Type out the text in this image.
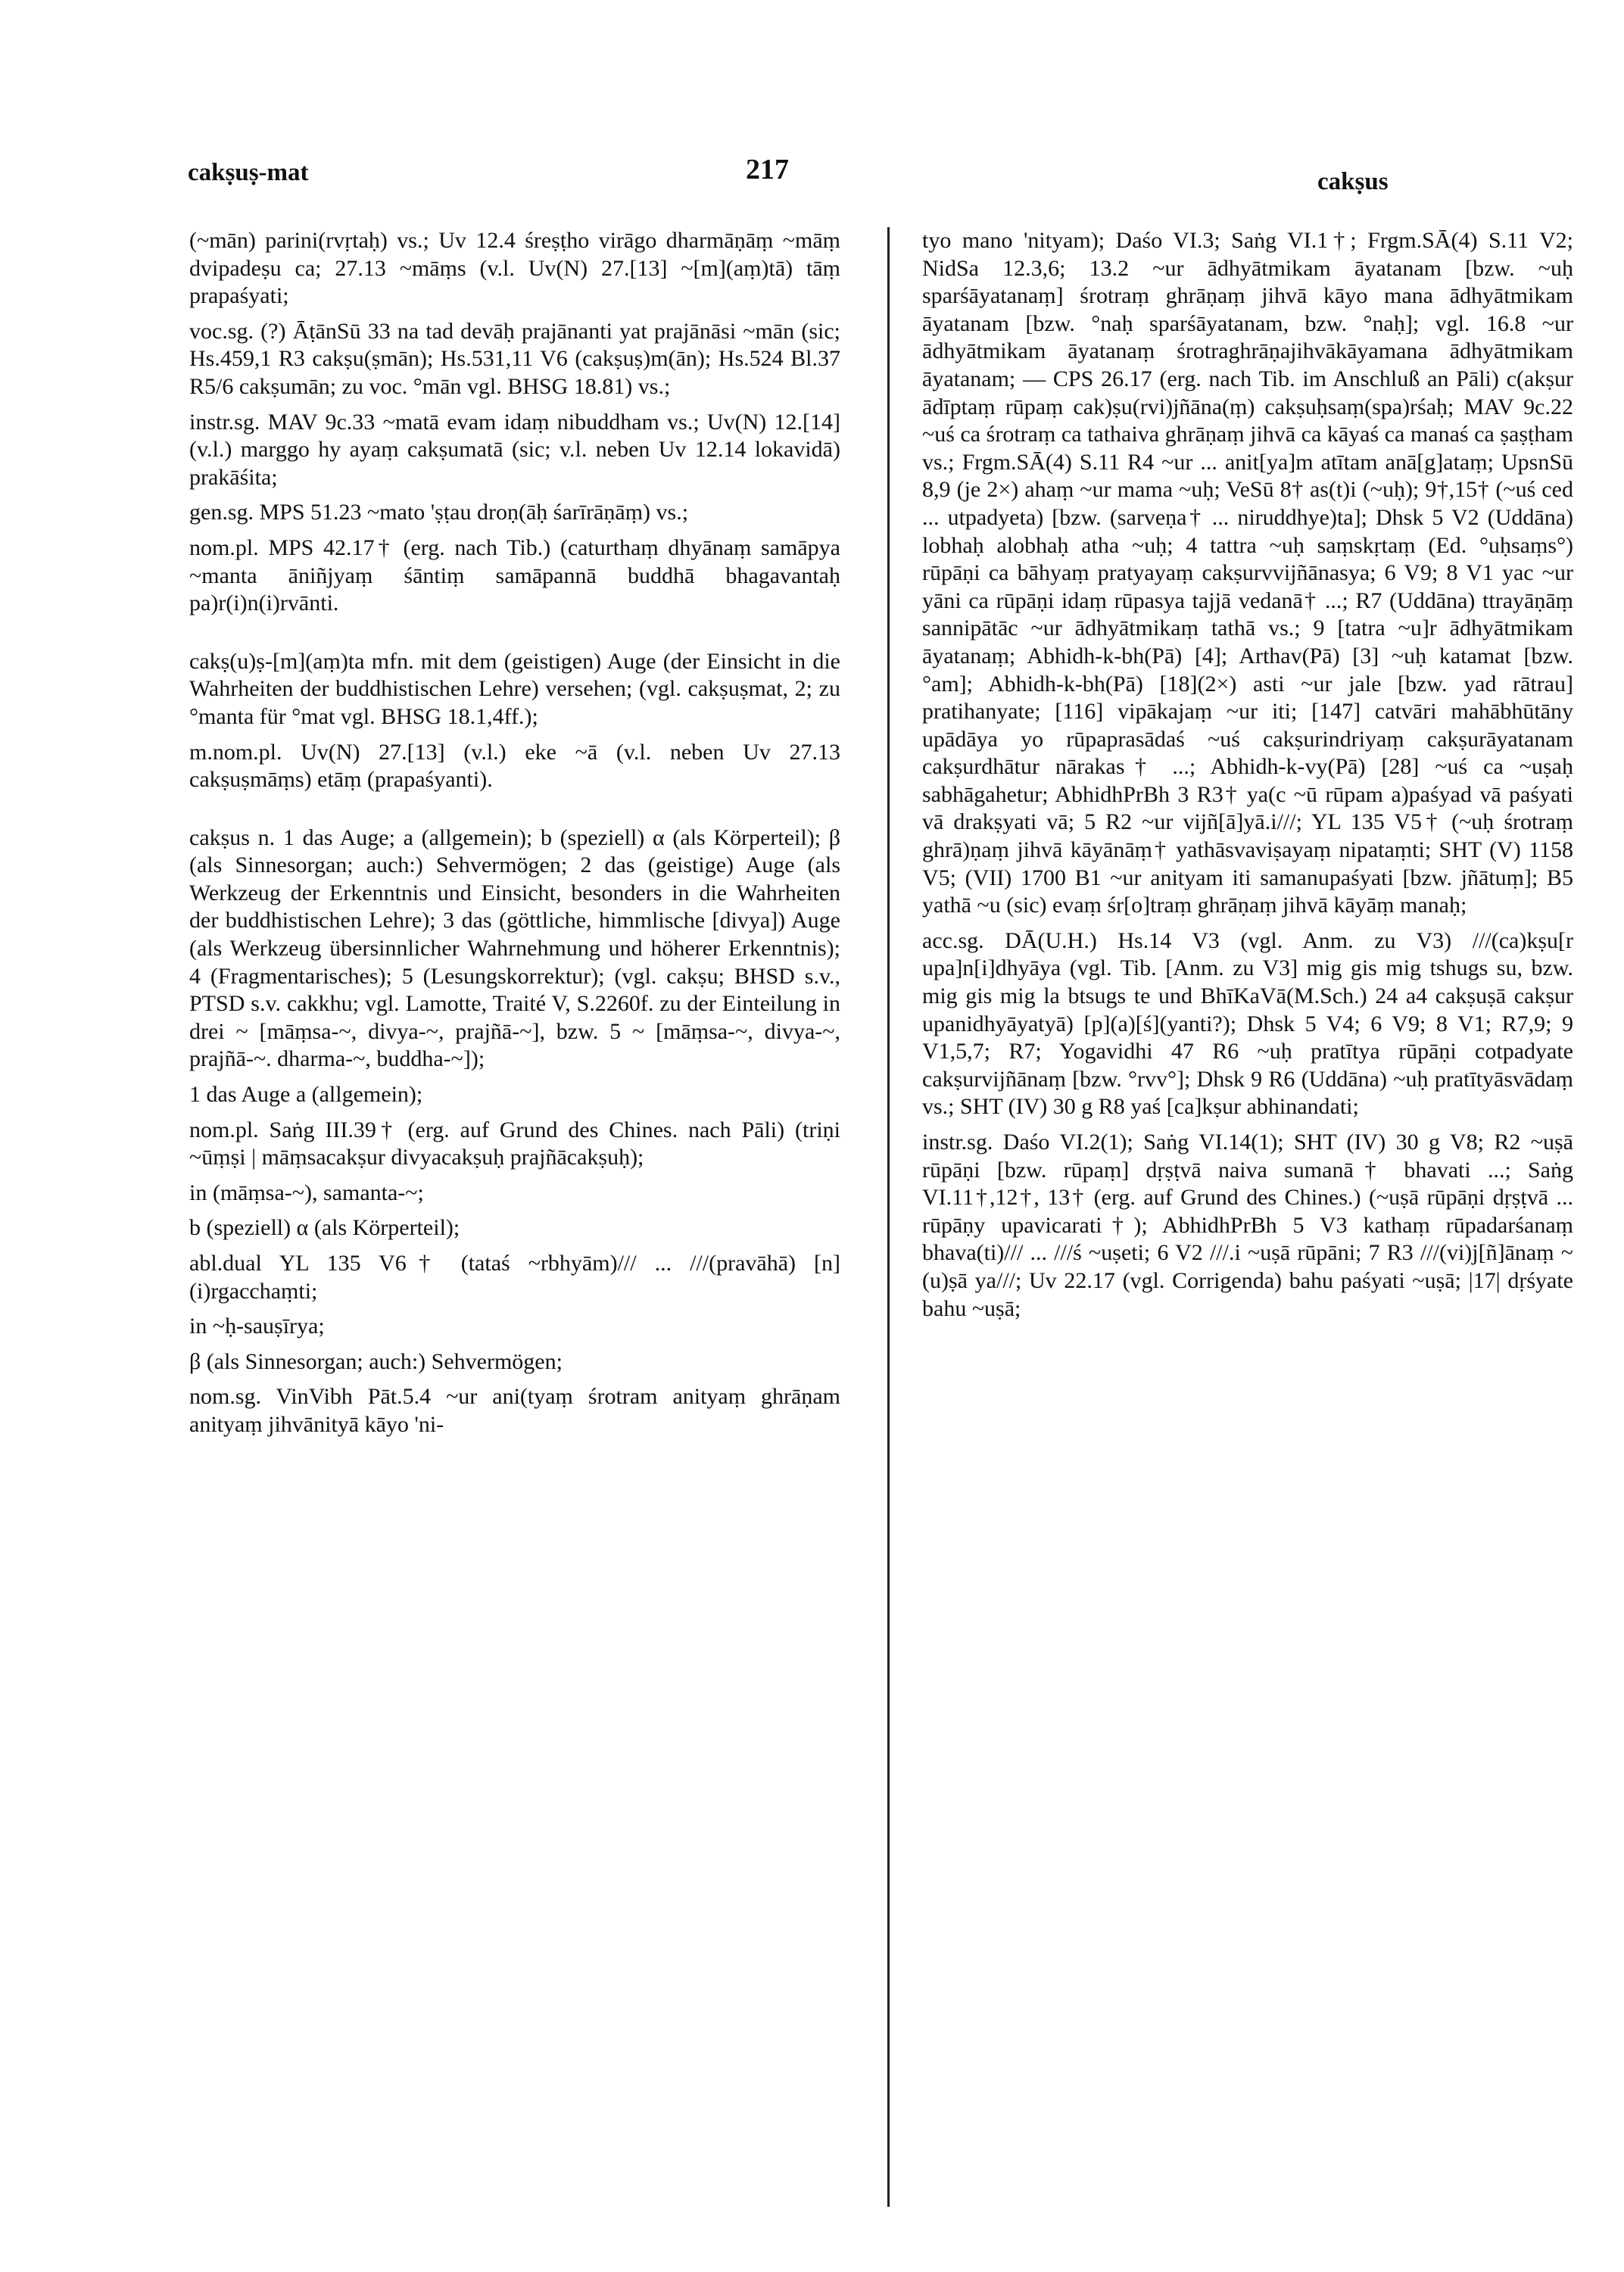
cakṣuṣ-mat	217	cakṣus

(~mān) parini(rvṛtaḥ) vs.; Uv 12.4 śreṣṭho virāgo dharmāṇāṃ ~māṃ dvipadeṣu ca; 27.13 ~māṃs (v.l. Uv(N) 27.[13] ~[m](aṃ)tā) tāṃ prapaśyati;

voc.sg. (?) ĀṭānSū 33 na tad devāḥ prajānanti yat prajānāsi ~mān (sic; Hs.459,1 R3 cakṣu(ṣmān); Hs.531,11 V6 (cakṣuṣ)m(ān); Hs.524 Bl.37 R5/6 cakṣumān; zu voc. °mān vgl. BHSG 18.81) vs.;

instr.sg. MAV 9c.33 ~matā evam idaṃ nibuddham vs.; Uv(N) 12.[14] (v.l.) marggo hy ayaṃ cakṣumatā (sic; v.l. neben Uv 12.14 lokavidā) prakāśita;

gen.sg. MPS 51.23 ~mato 'ṣṭau droṇ(āḥ śarīrāṇāṃ) vs.;

nom.pl. MPS 42.17† (erg. nach Tib.) (caturthaṃ dhyānaṃ samāpya ~manta āniñjyaṃ śāntiṃ samāpannā buddhā bhagavantaḥ pa)r(i)n(i)rvānti.

cakṣ(u)ṣ-[m](aṃ)ta mfn. mit dem (geistigen) Auge (der Einsicht in die Wahrheiten der buddhistischen Lehre) versehen; (vgl. cakṣuṣmat, 2; zu °manta für °mat vgl. BHSG 18.1,4ff.);

m.nom.pl. Uv(N) 27.[13] (v.l.) eke ~ā (v.l. neben Uv 27.13 cakṣuṣmāṃs) etāṃ (prapaśyanti).

cakṣus n. 1 das Auge; a (allgemein); b (speziell) α (als Körperteil); β (als Sinnesorgan; auch:) Sehvermögen; 2 das (geistige) Auge (als Werkzeug der Erkenntnis und Einsicht, besonders in die Wahrheiten der buddhistischen Lehre); 3 das (göttliche, himmlische [divya]) Auge (als Werkzeug übersinnlicher Wahrnehmung und höherer Erkenntnis); 4 (Fragmentarisches); 5 (Lesungskorrektur); (vgl. cakṣu; BHSD s.v., PTSD s.v. cakkhu; vgl. Lamotte, Traité V, S.2260f. zu der Einteilung in drei ~ [māṃsa-~, divya-~, prajñā-~], bzw. 5 ~ [māṃsa-~, divya-~, prajñā-~. dharma-~, buddha-~]);

1 das Auge a (allgemein);

nom.pl. Saṅg III.39† (erg. auf Grund des Chines. nach Pāli) (triṇi ~ūṃṣi | māṃsacakṣur divyacakṣuḥ prajñācakṣuḥ);

in (māṃsa-~), samanta-~;

b (speziell) α (als Körperteil);

abl.dual YL 135 V6† (tataś ~rbhyām)/// ... ///(pravāhā) [n](i)rgacchaṃti;

in ~ḥ-sauṣīrya;

β (als Sinnesorgan; auch:) Sehvermögen;

nom.sg. VinVibh Pāt.5.4 ~ur ani(tyaṃ śrotram anityaṃ ghrāṇam anityaṃ jihvānityā kāyo 'ni-

tyo mano 'nityam); Daśo VI.3; Saṅg VI.1†; Frgm.SĀ(4) S.11 V2; NidSa 12.3,6; 13.2 ~ur ādhyātmikam āyatanam [bzw. ~uḥ sparśāyatanaṃ] śrotraṃ ghrāṇaṃ jihvā kāyo mana ādhyātmikam āyatanam [bzw. °naḥ sparśāyatanam, bzw. °naḥ]; vgl. 16.8 ~ur ādhyātmikam āyatanaṃ śrotraghrāṇajihvākāyamana ādhyātmikam āyatanam; — CPS 26.17 (erg. nach Tib. im Anschluß an Pāli) c(akṣur ādīptaṃ rūpaṃ cak)ṣu(rvi)jñāna(ṃ) cakṣuḥsaṃ(spa)rśaḥ; MAV 9c.22 ~uś ca śrotraṃ ca tathaiva ghrāṇaṃ jihvā ca kāyaś ca manaś ca ṣaṣṭham vs.; Frgm.SĀ(4) S.11 R4 ~ur ... anit[ya]m atītam anā[g]ataṃ; UpsnSū 8,9 (je 2×) ahaṃ ~ur mama ~uḥ; VeSū 8† as(t)i (~uḥ); 9†,15† (~uś ced ... utpadyeta) [bzw. (sarveṇa† ... niruddhye)ta]; Dhsk 5 V2 (Uddāna) lobhaḥ alobhaḥ atha ~uḥ; 4 tattra ~uḥ saṃskṛtaṃ (Ed. °uḥsaṃs°) rūpāṇi ca bāhyaṃ pratyayaṃ cakṣurvvijñānasya; 6 V9; 8 V1 yac ~ur yāni ca rūpāṇi idaṃ rūpasya tajjā vedanā† ...; R7 (Uddāna) ttrayāṇāṃ sannipātāc ~ur ādhyātmikaṃ tathā vs.; 9 [tatra ~u]r ādhyātmikam āyatanaṃ; Abhidh-k-bh(Pā) [4]; Arthav(Pā) [3] ~uḥ katamat [bzw. °am]; Abhidh-k-bh(Pā) [18](2×) asti ~ur jale [bzw. yad rātrau] pratihanyate; [116] vipākajaṃ ~ur iti; [147] catvāri mahābhūtāny upādāya yo rūpaprasādaś ~uś cakṣurindriyaṃ cakṣurāyatanam cakṣurdhātur nārakas† ...; Abhidh-k-vy(Pā) [28] ~uś ca ~uṣaḥ sabhāgahetur; AbhidhPrBh 3 R3† ya(c ~ū rūpam a)paśyad vā paśyati vā drakṣyati vā; 5 R2 ~ur vijñ[ā]yā.i///; YL 135 V5† (~uḥ śrotraṃ ghrā)ṇaṃ jihvā kāyānāṃ† yathāsvaviṣayaṃ nipataṃti; SHT (V) 1158 V5; (VII) 1700 B1 ~ur anityam iti samanupaśyati [bzw. jñātuṃ]; B5 yathā ~u (sic) evaṃ śr[o]traṃ ghrāṇaṃ jihvā kāyāṃ manaḥ;

acc.sg. DĀ(U.H.) Hs.14 V3 (vgl. Anm. zu V3) ///(ca)kṣu[r upa]n[i]dhyāya (vgl. Tib. [Anm. zu V3] mig gis mig tshugs su, bzw. mig gis mig la btsugs te und BhīKaVā(M.Sch.) 24 a4 cakṣuṣā cakṣur upanidhyāyatyā) [p](a)[ś](yanti?); Dhsk 5 V4; 6 V9; 8 V1; R7,9; 9 V1,5,7; R7; Yogavidhi 47 R6 ~uḥ pratītya rūpāṇi cotpadyate cakṣurvijñānaṃ [bzw. °rvv°]; Dhsk 9 R6 (Uddāna) ~uḥ pratītyāsvādaṃ vs.; SHT (IV) 30 g R8 yaś [ca]kṣur abhinandati;

instr.sg. Daśo VI.2(1); Saṅg VI.14(1); SHT (IV) 30 g V8; R2 ~uṣā rūpāṇi [bzw. rūpaṃ] dṛṣṭvā naiva sumanā† bhavati ...; Saṅg VI.11†,12†, 13† (erg. auf Grund des Chines.) (~uṣā rūpāṇi dṛṣṭvā ... rūpāṇy upavicarati†); AbhidhPrBh 5 V3 kathaṃ rūpadarśanaṃ bhava(ti)/// ... ///ś ~uṣeti; 6 V2 ///.i ~uṣā rūpāni; 7 R3 ///(vi)j[ñ]ānaṃ ~(u)ṣā ya///; Uv 22.17 (vgl. Corrigenda) bahu paśyati ~uṣā; |17| dṛśyate bahu ~uṣā;
